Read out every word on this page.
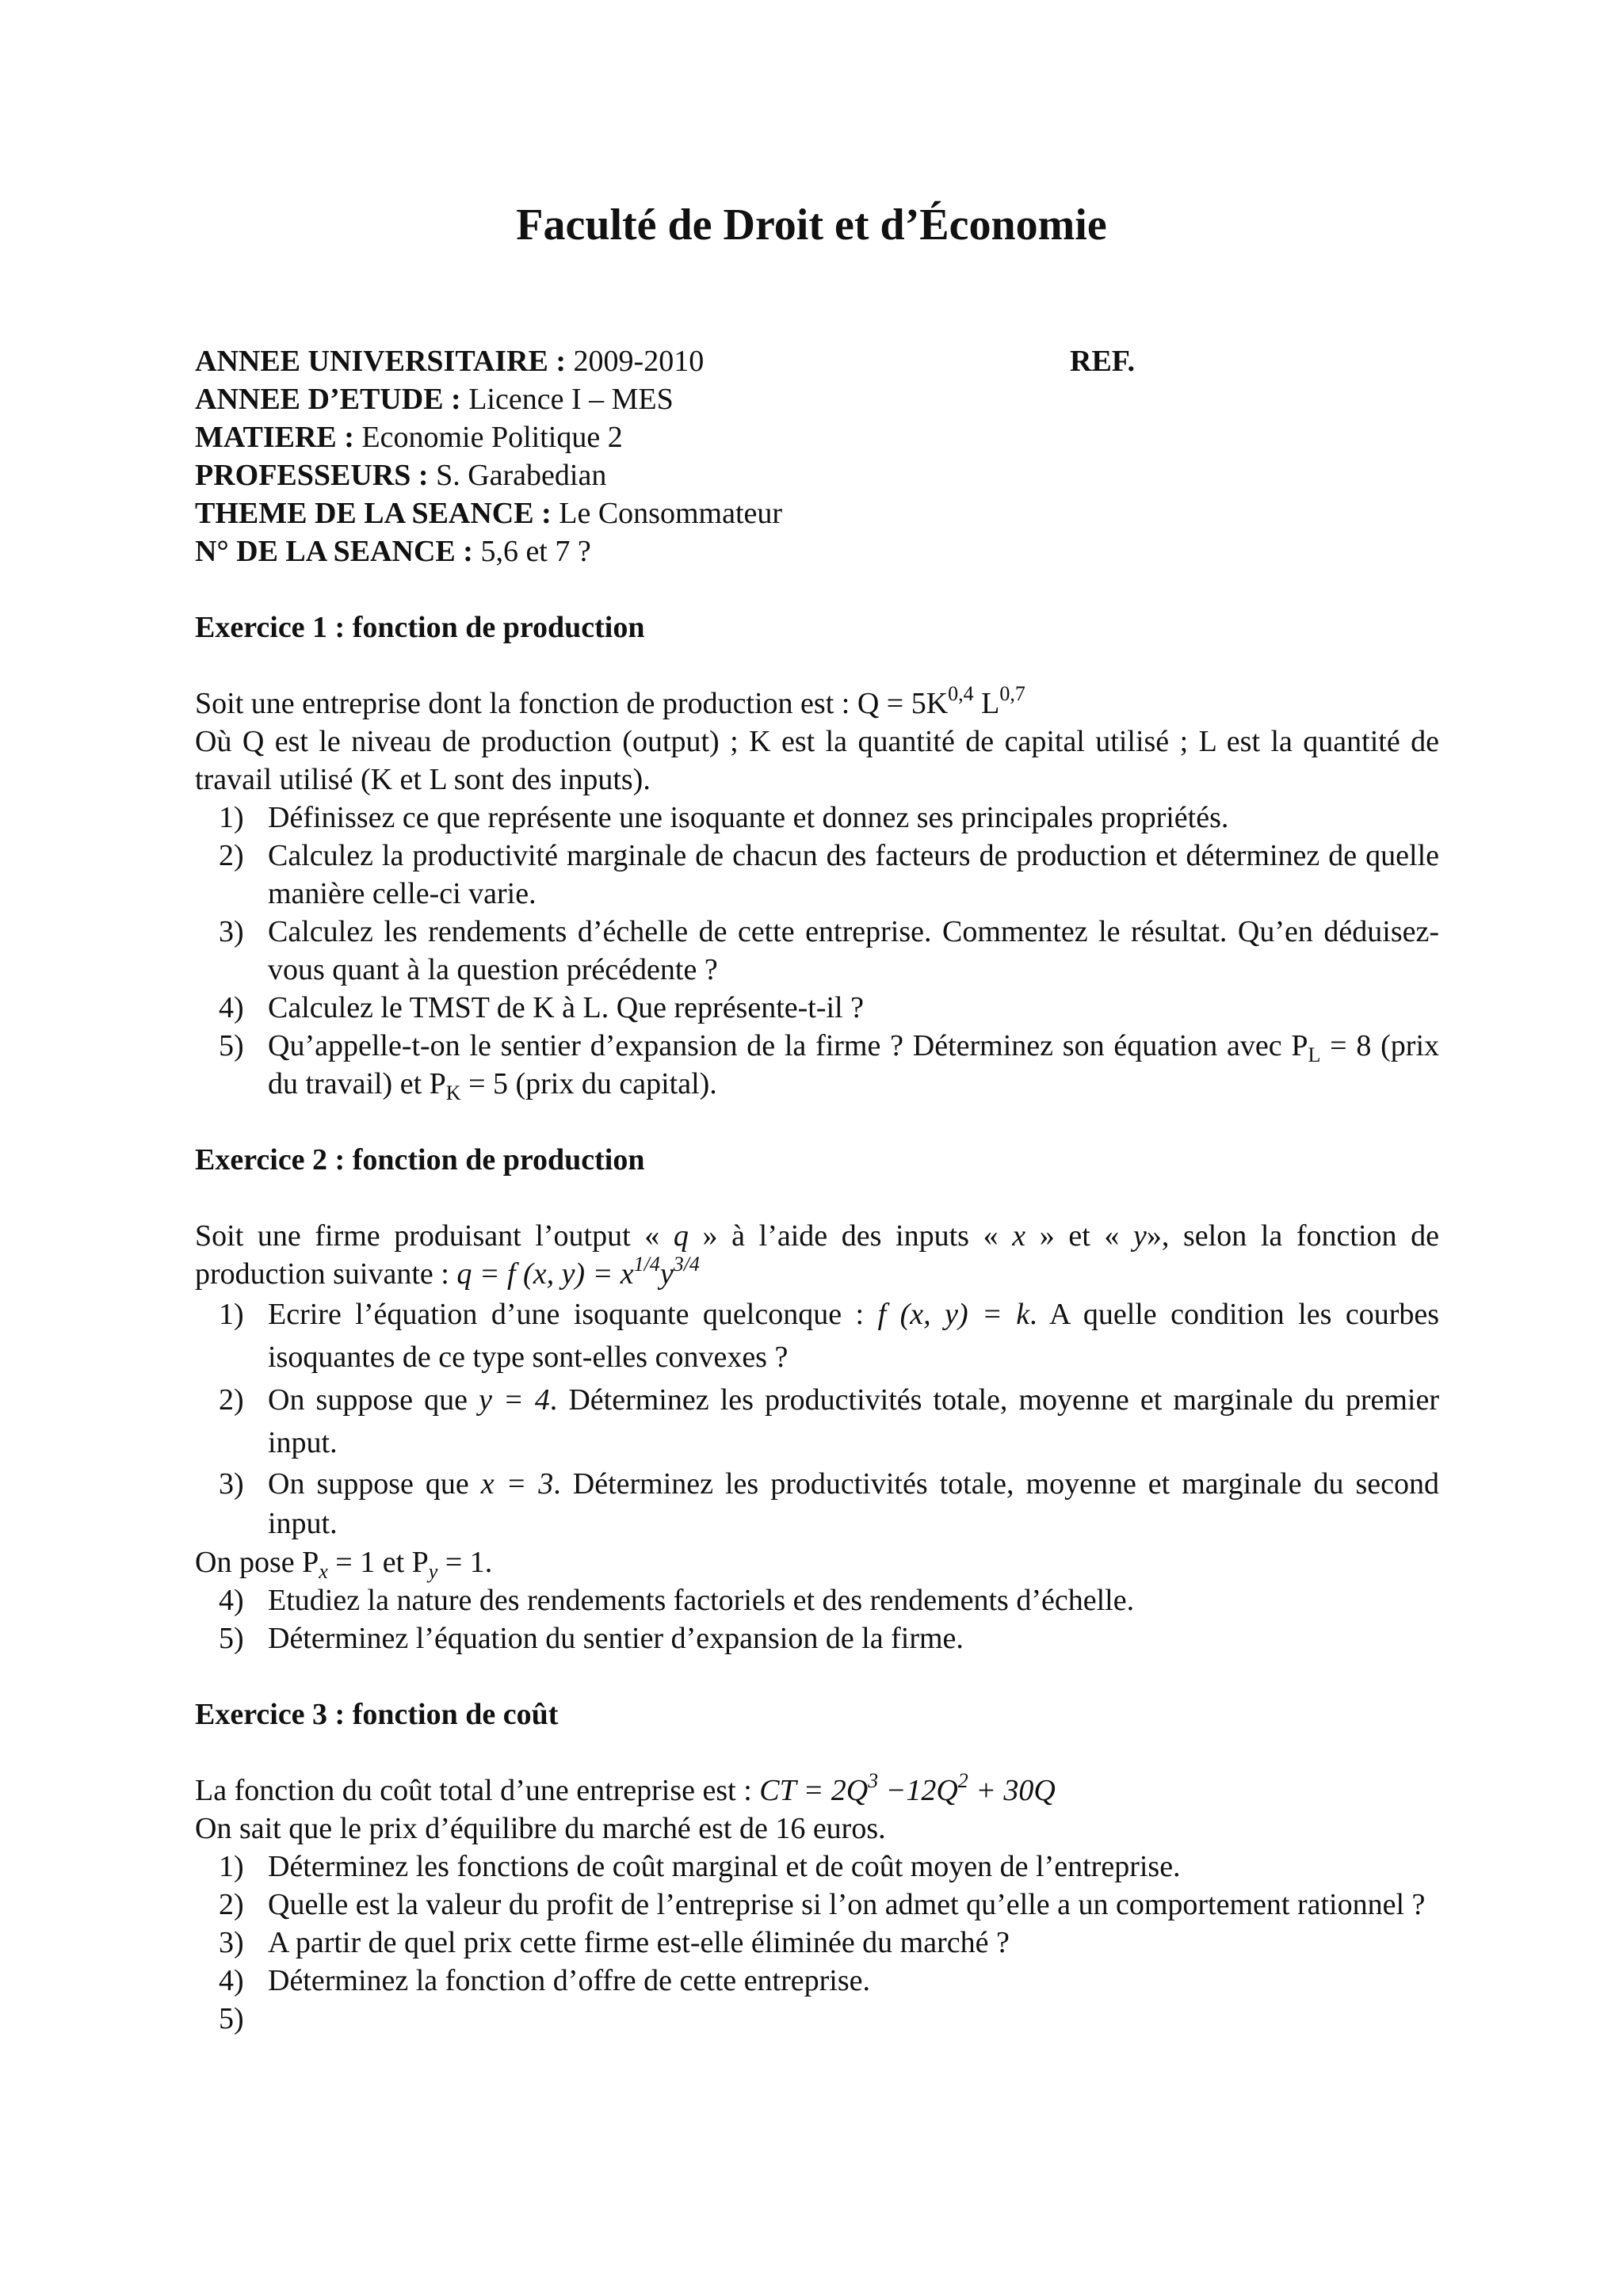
Faculté de Droit et d’Économie
ANNEE UNIVERSITAIRE : 2009-2010	REF.
ANNEE D’ETUDE : Licence I – MES
MATIERE : Economie Politique 2
PROFESSEURS : S. Garabedian
THEME DE LA SEANCE : Le Consommateur
N° DE LA SEANCE : 5,6 et 7 ?

Exercice 1 : fonction de production

Soit une entreprise dont la fonction de production est : $Q = 5K^{0,4}$ L$^{0,7}$

Où Q est le niveau de production (output) ; K est la quantité de capital utilisé ; L est la quantité de travail utilisé (K et L sont des inputs).

1) Définissez ce que représente une isoquante et donnez ses principales propriétés.
2) Calculez la productivité marginale de chacun des facteurs de production et déterminez de quelle manière celle-ci varie.
3) Calculez les rendements d’échelle de cette entreprise. Commentez le résultat. Qu’en déduisez-vous quant à la question précédente ?
4) Calculez le TMST de K à L. Que représente-t-il ?
5) Qu’appelle-t-on le sentier d’expansion de la firme ? Déterminez son équation avec $P_L = 8$ (prix du travail) et $P_K = 5$ (prix du capital).

Exercice 2 : fonction de production

Soit une firme produisant l’output « q » à l’aide des inputs « x » et « y», selon la fonction de production suivante : q = f (x, $y) = x^{1/4}y^{3/4}$

1) Ecrire l’équation d’une isoquante quelconque : f (x, y) = k. A quelle condition les courbes isoquantes de ce type sont-elles convexes ?
2) On suppose que y = 4. Déterminez les productivités totale, moyenne et marginale du premier input.
3) On suppose que x = 3. Déterminez les productivités totale, moyenne et marginale du second input.

On pose $P_x = 1$ et $P_y = 1$.

4) Etudiez la nature des rendements factoriels et des rendements d’échelle.
5) Déterminez l’équation du sentier d’expansion de la firme.

Exercice 3 : fonction de coût

La fonction du coût total d’une entreprise est : CT = $2Q^3 -12Q^2 + 30Q$

On sait que le prix d’équilibre du marché est de 16 euros.

1) Déterminez les fonctions de coût marginal et de coût moyen de l’entreprise.
2) Quelle est la valeur du profit de l’entreprise si l’on admet qu’elle a un comportement rationnel ?
3) A partir de quel prix cette firme est-elle éliminée du marché ?
4) Déterminez la fonction d’offre de cette entreprise.
5)
